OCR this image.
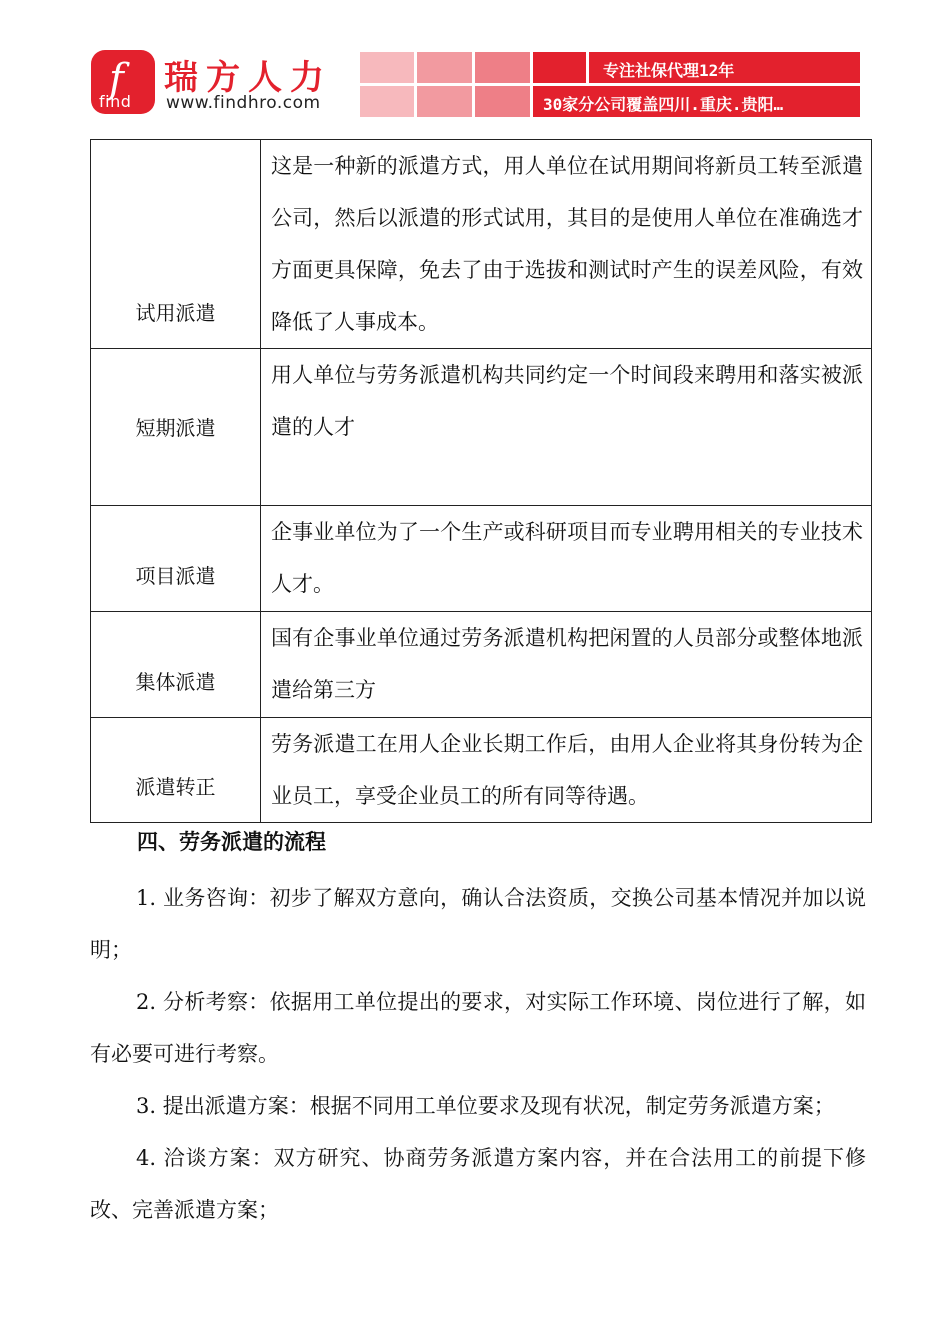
f
find
瑞方人力
www.findhro.com
专注社保代理12年
30家分公司覆盖四川.重庆.贵阳…
试用派遣	这是一种新的派遣方式，用人单位在试用期间将新员工转至派遣公司，然后以派遣的形式试用，其目的是使用人单位在准确选才方面更具保障，免去了由于选拔和测试时产生的误差风险，有效降低了人事成本。
短期派遣	用人单位与劳务派遣机构共同约定一个时间段来聘用和落实被派遣的人才
项目派遣	企事业单位为了一个生产或科研项目而专业聘用相关的专业技术人才。
集体派遣	国有企事业单位通过劳务派遣机构把闲置的人员部分或整体地派遣给第三方
派遣转正	劳务派遣工在用人企业长期工作后，由用人企业将其身份转为企业员工，享受企业员工的所有同等待遇。
四、劳务派遣的流程
1. 业务咨询：初步了解双方意向，确认合法资质，交换公司基本情况并加以说明；
2. 分析考察：依据用工单位提出的要求，对实际工作环境、岗位进行了解，如有必要可进行考察。
3. 提出派遣方案：根据不同用工单位要求及现有状况，制定劳务派遣方案；
4. 洽谈方案：双方研究、协商劳务派遣方案内容，并在合法用工的前提下修改、完善派遣方案；
